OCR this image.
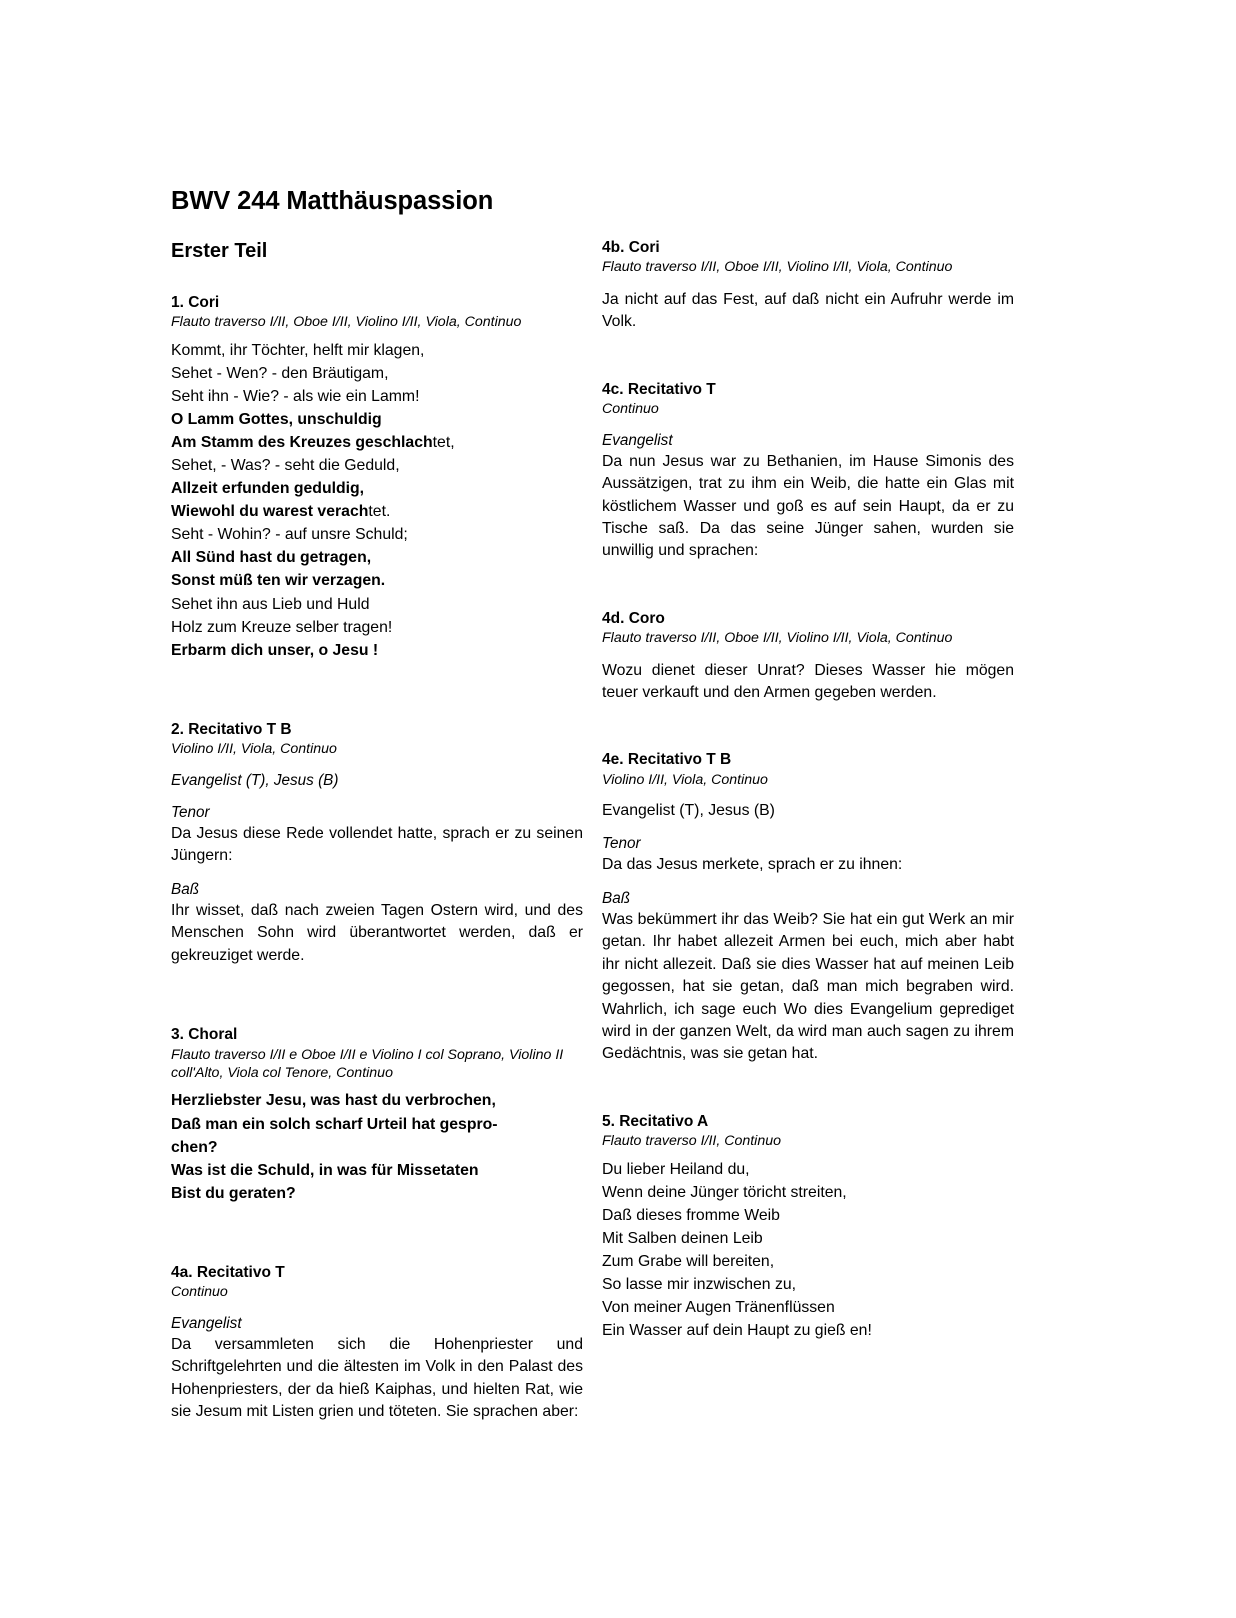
BWV 244 Matthäuspassion
Erster Teil
1. Cori
Flauto traverso I/II, Oboe I/II, Violino I/II, Viola, Continuo
Kommt, ihr Töchter, helft mir klagen,
Sehet - Wen? - den Bräutigam,
Seht ihn - Wie? - als wie ein Lamm!
O Lamm Gottes, unschuldig
Am Stamm des Kreuzes geschlachtet,
Sehet, - Was? - seht die Geduld,
Allzeit erfunden geduldig,
Wiewohl du warest verachtet.
Seht - Wohin? - auf unsre Schuld;
All Sünd hast du getragen,
Sonst müß ten wir verzagen.
Sehet ihn aus Lieb und Huld
Holz zum Kreuze selber tragen!
Erbarm dich unser, o Jesu !
2. Recitativo T B
Violino I/II, Viola, Continuo
Evangelist (T), Jesus (B)
Tenor
Da Jesus diese Rede vollendet hatte, sprach er zu seinen Jüngern:
Baß
Ihr wisset, daß nach zweien Tagen Ostern wird, und des Menschen Sohn wird überantwortet werden, daß er gekreuziget werde.
3. Choral
Flauto traverso I/II e Oboe I/II e Violino I col Soprano, Violino II coll'Alto, Viola col Tenore, Continuo
Herzliebster Jesu, was hast du verbrochen,
Daß man ein solch scharf Urteil hat gespro-
chen?
Was ist die Schuld, in was für Missetaten
Bist du geraten?
4a. Recitativo T
Continuo
Evangelist
Da versammleten sich die Hohenpriester und Schriftgelehrten und die ältesten im Volk in den Palast des Hohenpriesters, der da hieß Kaiphas, und hielten Rat, wie sie Jesum mit Listen grien und töteten. Sie sprachen aber:
4b. Cori
Flauto traverso I/II, Oboe I/II, Violino I/II, Viola, Continuo
Ja nicht auf das Fest, auf daß nicht ein Aufruhr werde im Volk.
4c. Recitativo T
Continuo
Evangelist
Da nun Jesus war zu Bethanien, im Hause Simonis des Aussätzigen, trat zu ihm ein Weib, die hatte ein Glas mit köstlichem Wasser und goß es auf sein Haupt, da er zu Tische saß. Da das seine Jünger sahen, wurden sie unwillig und sprachen:
4d. Coro
Flauto traverso I/II, Oboe I/II, Violino I/II, Viola, Continuo
Wozu dienet dieser Unrat? Dieses Wasser hie mögen teuer verkauft und den Armen gegeben werden.
4e. Recitativo T B
Violino I/II, Viola, Continuo
Evangelist (T), Jesus (B)
Tenor
Da das Jesus merkete, sprach er zu ihnen:
Baß
Was bekümmert ihr das Weib? Sie hat ein gut Werk an mir getan. Ihr habet allezeit Armen bei euch, mich aber habt ihr nicht allezeit. Daß sie dies Wasser hat auf meinen Leib gegossen, hat sie getan, daß man mich begraben wird. Wahrlich, ich sage euch Wo dies Evangelium geprediget wird in der ganzen Welt, da wird man auch sagen zu ihrem Gedächtnis, was sie getan hat.
5. Recitativo A
Flauto traverso I/II, Continuo
Du lieber Heiland du,
Wenn deine Jünger töricht streiten,
Daß dieses fromme Weib
Mit Salben deinen Leib
Zum Grabe will bereiten,
So lasse mir inzwischen zu,
Von meiner Augen Tränenflüssen
Ein Wasser auf dein Haupt zu gieß en!
